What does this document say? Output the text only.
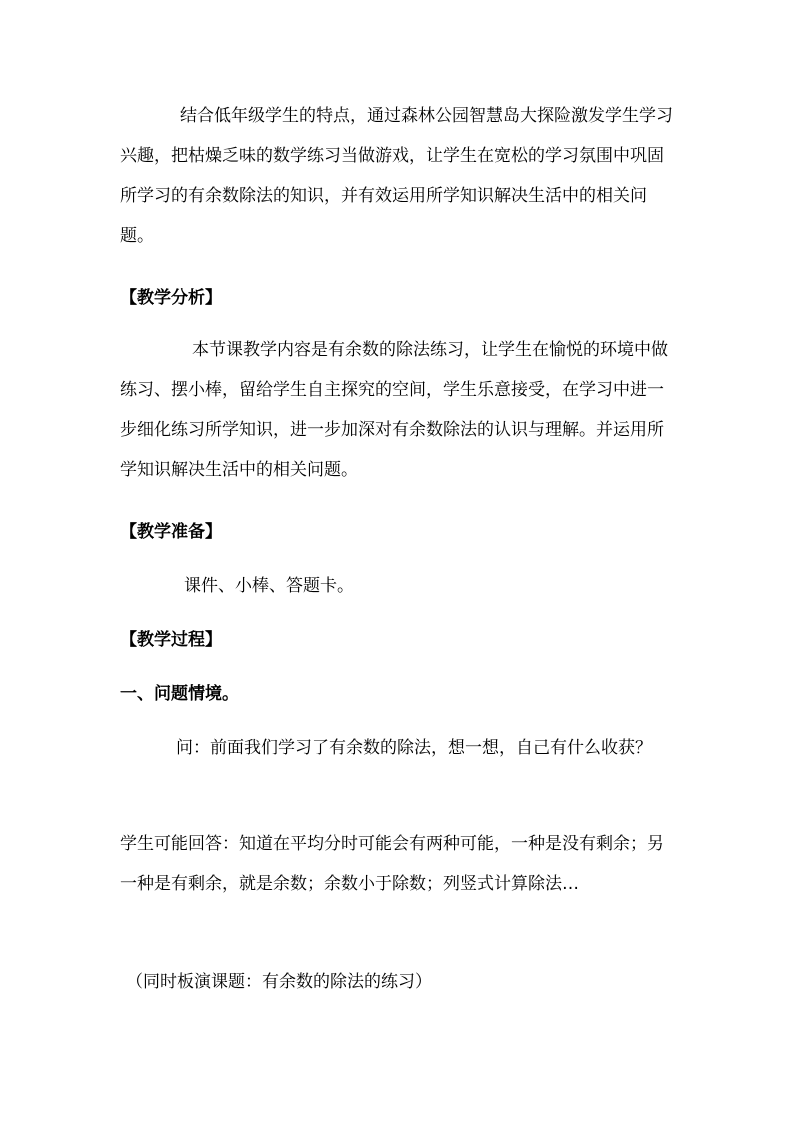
结合低年级学生的特点，通过森林公园智慧岛大探险激发学生学习兴趣，把枯燥乏味的数学练习当做游戏，让学生在宽松的学习氛围中巩固所学习的有余数除法的知识，并有效运用所学知识解决生活中的相关问题。

【教学分析】

本节课教学内容是有余数的除法练习，让学生在愉悦的环境中做练习、摆小棒，留给学生自主探究的空间，学生乐意接受，在学习中进一步细化练习所学知识，进一步加深对有余数除法的认识与理解。并运用所学知识解决生活中的相关问题。

【教学准备】

课件、小棒、答题卡。

【教学过程】

一、问题情境。

问：前面我们学习了有余数的除法，想一想，自己有什么收获？

学生可能回答：知道在平均分时可能会有两种可能，一种是没有剩余；另一种是有剩余，就是余数；余数小于除数；列竖式计算除法…

（同时板演课题：有余数的除法的练习）
